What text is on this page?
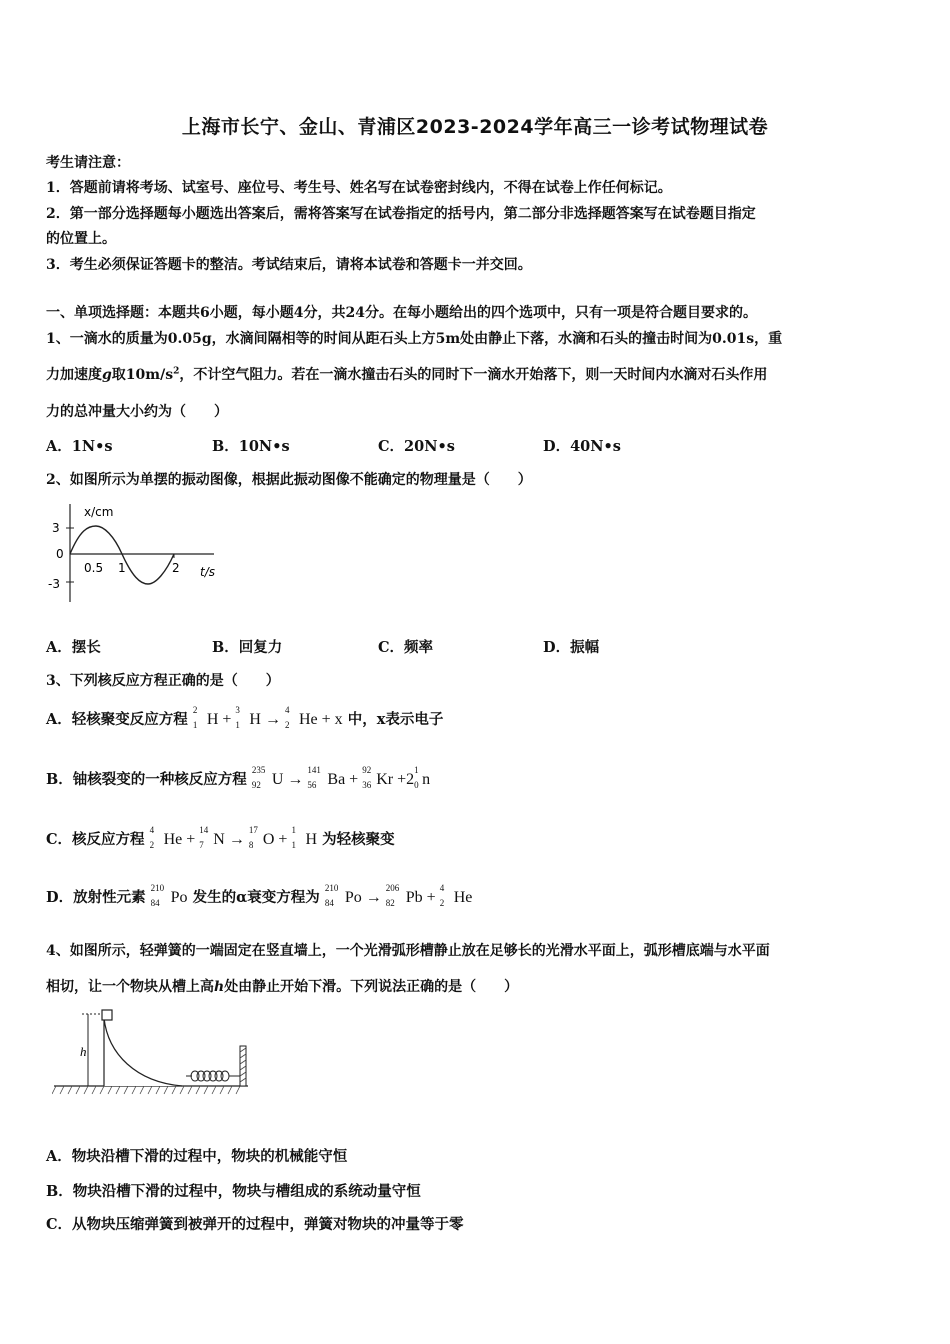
上海市长宁、金山、青浦区2023-2024学年高三一诊考试物理试卷
考生请注意：
1．答题前请将考场、试室号、座位号、考生号、姓名写在试卷密封线内，不得在试卷上作任何标记。
2．第一部分选择题每小题选出答案后，需将答案写在试卷指定的括号内，第二部分非选择题答案写在试卷题目指定
的位置上。
3．考生必须保证答题卡的整洁。考试结束后，请将本试卷和答题卡一并交回。
一、单项选择题：本题共6小题，每小题4分，共24分。在每小题给出的四个选项中，只有一项是符合题目要求的。
1、一滴水的质量为0.05g，水滴间隔相等的时间从距石头上方5m处由静止下落，水滴和石头的撞击时间为0.01s，重
力加速度g取$10m/s^2$，不计空气阻力。若在一滴水撞击石头的同时下一滴水开始落下，则一天时间内水滴对石头作用
力的总冲量大小约为（　　）
A．1N•s	B．10N•s	C．20N•s	D．40N•s
2、如图所示为单摆的振动图像，根据此振动图像不能确定的物理量是（　　）
x/cm
3
0
-3
0.5 1	2 t/s
A．摆长	B．回复力	C．频率	D．振幅
3、下列核反应方程正确的是（　　）
A．轻核聚变反应方程
2
1 H +
3
1 H →
4
2 He + x 中，x表示电子
B．铀核裂变的一种核反应方程
235
92 U →
141
56 Ba +
92
36 Kr +2
1
0 n
C．核反应方程
4
2 He +
14
7 N →
17
8 O +
1
1 H 为轻核聚变
D．放射性元素
210
84 Po 发生的α衰变方程为
210
84 Po →
206
82 Pb +
4
2 He
4、如图所示，轻弹簧的一端固定在竖直墙上，一个光滑弧形槽静止放在足够长的光滑水平面上，弧形槽底端与水平面
相切，让一个物块从槽上高h处由静止开始下滑。下列说法正确的是（　　）
h
A．物块沿槽下滑的过程中，物块的机械能守恒
B．物块沿槽下滑的过程中，物块与槽组成的系统动量守恒
C．从物块压缩弹簧到被弹开的过程中，弹簧对物块的冲量等于零
